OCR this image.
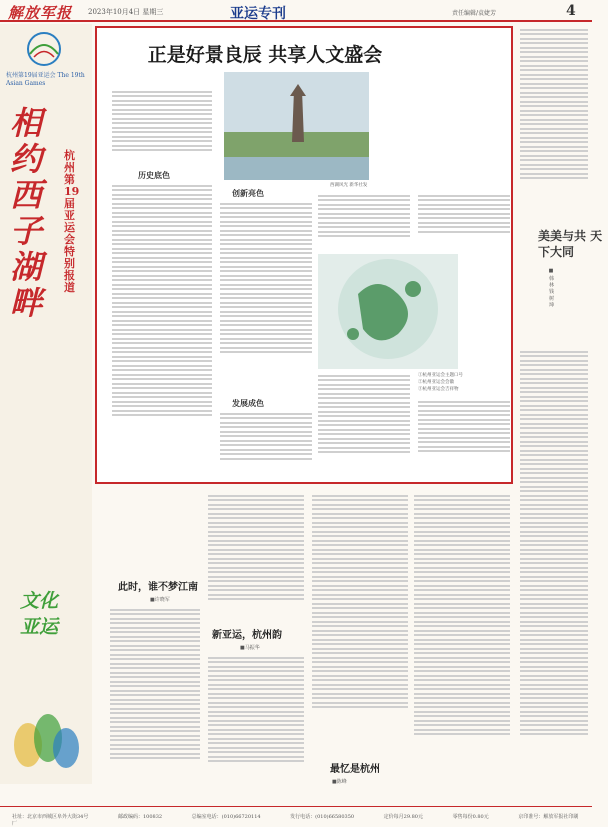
解放军报 2023年10月4日 星期三	亚运专刊	责任编辑/袁婕芳	4
杭州第19届亚运会 The 19th Asian Games
相约西子湖畔
杭州第19届亚运会特别报道
文化亚运
正是好景良辰 共享人文盛会
西湖风光 新华社发
历史底色
创新亮色
发展成色
①杭州亚运会主题口号
②杭州亚运会会徽
③杭州亚运会吉祥物
美美与共 天下大同
■ 韩 林 钱 树 坤
此时，谁不梦江南
■许晓军
新亚运，杭州韵
■马振华
最忆是杭州
■陈峰
社址：北京市西城区阜外大街34号	邮政编码：100832	总编室电话：(010)66720114	发行电话：(010)66580350	定价每月29.80元	零售每份0.80元	京印准号：解放军报社印刷厂
